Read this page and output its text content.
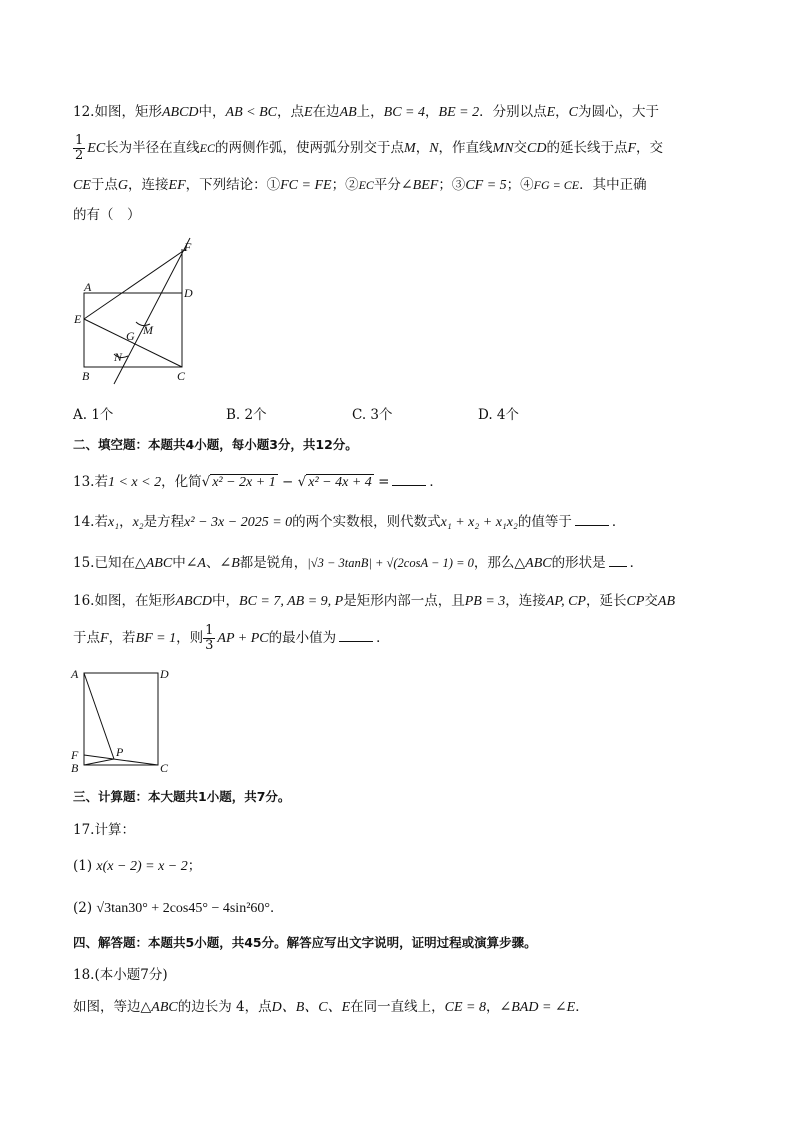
12.如图，矩形ABCD中，AB < BC，点E在边AB上，BC = 4，BE = 2．分别以点E，C为圆心，大于
$\frac{1}{2}$ EC长为半径在直线EC的两侧作弧，使两弧分别交于点M，N，作直线MN交CD的延长线于点F，交
CE于点G，连接EF，下列结论：①FC = FE；②EC平分∠BEF；③CF = 5；④FG = CE．其中正确
的有（　）
F
A	D
E
M
G
N
B	C
A. 1个	B. 2个	C. 3个	D. 4个
二、填空题：本题共4小题，每小题3分，共12分。
13.若1 < x < 2，化简√ x² − 2x + 1 − √ x² − 4x + 4 =	．
14.若x₁，x₂是方程x² − 3x − 2025 = 0的两个实数根，则代数式x₁ + x₂ + x₁x₂的值等于	．
15.已知在△ABC中∠A、∠B都是锐角，|√3 − 3tanB| + √(2cosA − 1) = 0，那么△ABC的形状是 ．
16.如图，在矩形ABCD中，BC = 7, AB = 9, P是矩形内部一点，且PB = 3，连接AP, CP，延长CP交AB
于点F，若BF = 1，则 $\frac{1}{3}$ AP + PC的最小值为	．
A	D
F	P
B	C
三、计算题：本大题共1小题，共7分。
17.计算：
(1) x(x − 2) = x − 2；
(2) √3tan30° + 2cos45° − 4sin²60°．
四、解答题：本题共5小题，共45分。解答应写出文字说明，证明过程或演算步骤。
18.(本小题7分)
如图，等边△ABC的边长为 4，点D、B、C、E在同一直线上，CE = 8，∠BAD = ∠E．
